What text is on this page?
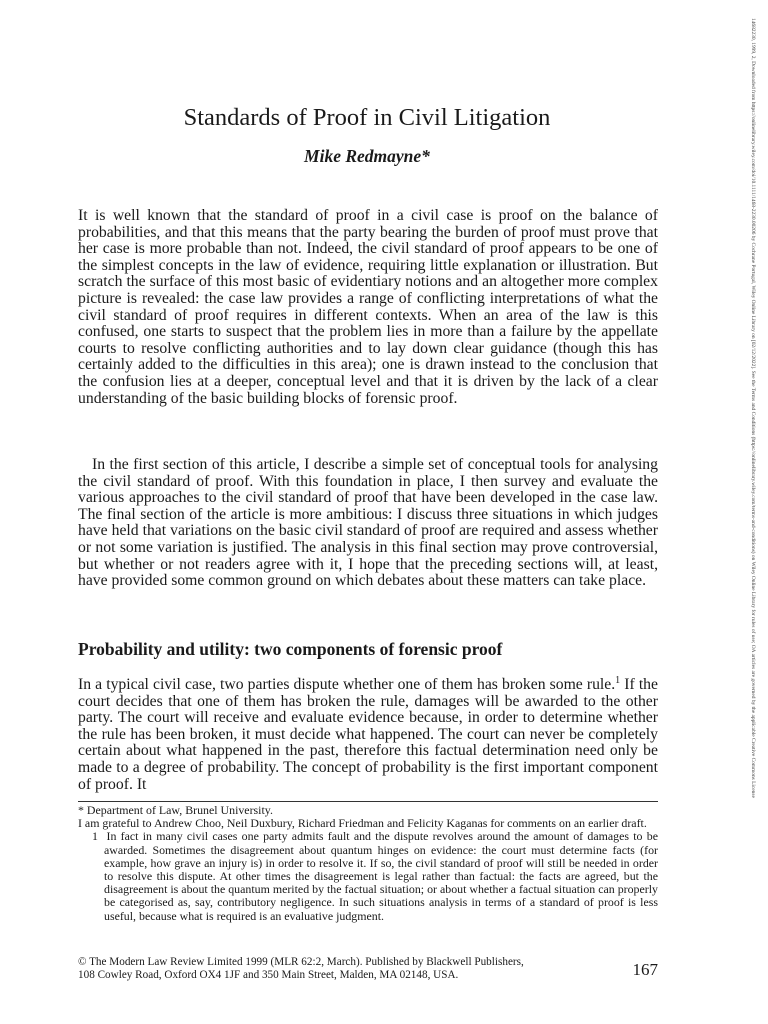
Standards of Proof in Civil Litigation
Mike Redmayne*

It is well known that the standard of proof in a civil case is proof on the balance of probabilities, and that this means that the party bearing the burden of proof must prove that her case is more probable than not. Indeed, the civil standard of proof appears to be one of the simplest concepts in the law of evidence, requiring little explanation or illustration. But scratch the surface of this most basic of evidentiary notions and an altogether more complex picture is revealed: the case law provides a range of conflicting interpretations of what the civil standard of proof requires in different contexts. When an area of the law is this confused, one starts to suspect that the problem lies in more than a failure by the appellate courts to resolve conflicting authorities and to lay down clear guidance (though this has certainly added to the difficulties in this area); one is drawn instead to the conclusion that the confusion lies at a deeper, conceptual level and that it is driven by the lack of a clear understanding of the basic building blocks of forensic proof.

In the first section of this article, I describe a simple set of conceptual tools for analysing the civil standard of proof. With this foundation in place, I then survey and evaluate the various approaches to the civil standard of proof that have been developed in the case law. The final section of the article is more ambitious: I discuss three situations in which judges have held that variations on the basic civil standard of proof are required and assess whether or not some variation is justified. The analysis in this final section may prove controversial, but whether or not readers agree with it, I hope that the preceding sections will, at least, have provided some common ground on which debates about these matters can take place.

Probability and utility: two components of forensic proof

In a typical civil case, two parties dispute whether one of them has broken some rule.$^1$ If the court decides that one of them has broken the rule, damages will be awarded to the other party. The court will receive and evaluate evidence because, in order to determine whether the rule has been broken, it must decide what happened. The court can never be completely certain about what happened in the past, therefore this factual determination need only be made to a degree of probability. The concept of probability is the first important component of proof. It

* Department of Law, Brunel University.

I am grateful to Andrew Choo, Neil Duxbury, Richard Friedman and Felicity Kaganas for comments on an earlier draft.

1 In fact in many civil cases one party admits fault and the dispute revolves around the amount of damages to be awarded. Sometimes the disagreement about quantum hinges on evidence: the court must determine facts (for example, how grave an injury is) in order to resolve it. If so, the civil standard of proof will still be needed in order to resolve this dispute. At other times the disagreement is legal rather than factual: the facts are agreed, but the disagreement is about the quantum merited by the factual situation; or about whether a factual situation can properly be categorised as, say, contributory negligence. In such situations analysis in terms of a standard of proof is less useful, because what is required is an evaluative judgment.

© The Modern Law Review Limited 1999 (MLR 62:2, March). Published by Blackwell Publishers,
108 Cowley Road, Oxford OX4 1JF and 350 Main Street, Malden, MA 02148, USA.	167
14682230, 1999, 2, Downloaded from https://onlinelibrary.wiley.com/doi/10.1111/1468-2230.00206 by Cochrane Portugal, Wiley Online Library on [02/12/2022]. See the Terms and Conditions (https://onlinelibrary.wiley.com/terms-and-conditions) on Wiley Online Library for rules of use; OA articles are governed by the applicable Creative Commons License
